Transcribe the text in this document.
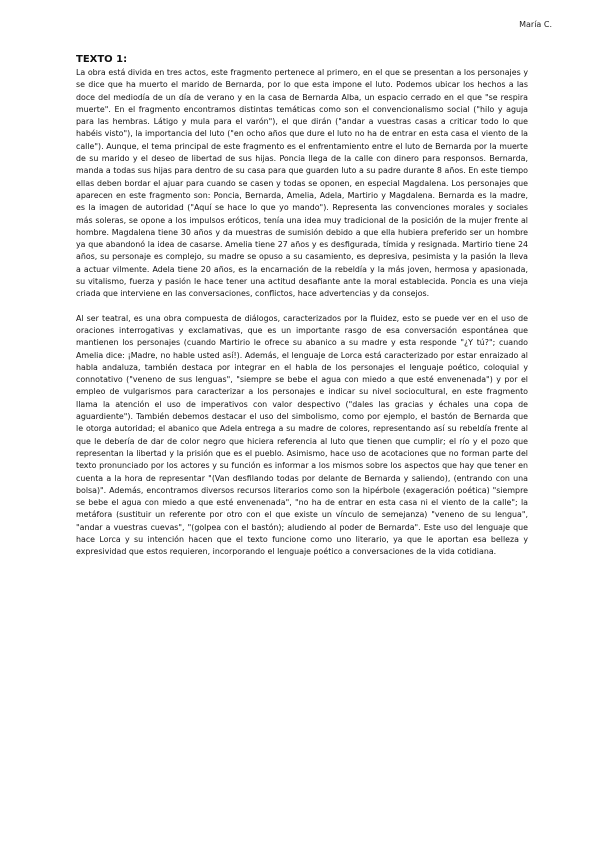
María C.
TEXTO 1:

La obra está divida en tres actos, este fragmento pertenece al primero, en el que se presentan a los personajes y se dice que ha muerto el marido de Bernarda, por lo que esta impone el luto. Podemos ubicar los hechos a las doce del mediodía de un día de verano y en la casa de Bernarda Alba, un espacio cerrado en el que "se respira muerte". En el fragmento encontramos distintas temáticas como son el convencionalismo social ("hilo y aguja para las hembras. Látigo y mula para el varón"), el que dirán ("andar a vuestras casas a criticar todo lo que habéis visto"), la importancia del luto ("en ocho años que dure el luto no ha de entrar en esta casa el viento de la calle"). Aunque, el tema principal de este fragmento es el enfrentamiento entre el luto de Bernarda por la muerte de su marido y el deseo de libertad de sus hijas. Poncia llega de la calle con dinero para responsos. Bernarda, manda a todas sus hijas para dentro de su casa para que guarden luto a su padre durante 8 años. En este tiempo ellas deben bordar el ajuar para cuando se casen y todas se oponen, en especial Magdalena. Los personajes que aparecen en este fragmento son: Poncia, Bernarda, Amelia, Adela, Martirio y Magdalena. Bernarda es la madre, es la imagen de autoridad ("Aquí se hace lo que yo mando"). Representa las convenciones morales y sociales más soleras, se opone a los impulsos eróticos, tenía una idea muy tradicional de la posición de la mujer frente al hombre. Magdalena tiene 30 años y da muestras de sumisión debido a que ella hubiera preferido ser un hombre ya que abandonó la idea de casarse. Amelia tiene 27 años y es desfigurada, tímida y resignada. Martirio tiene 24 años, su personaje es complejo, su madre se opuso a su casamiento, es depresiva, pesimista y la pasión la lleva a actuar vilmente. Adela tiene 20 años, es la encarnación de la rebeldía y la más joven, hermosa y apasionada, su vitalismo, fuerza y pasión le hace tener una actitud desafiante ante la moral establecida. Poncia es una vieja criada que interviene en las conversaciones, conflictos, hace advertencias y da consejos.

Al ser teatral, es una obra compuesta de diálogos, caracterizados por la fluidez, esto se puede ver en el uso de oraciones interrogativas y exclamativas, que es un importante rasgo de esa conversación espontánea que mantienen los personajes (cuando Martirio le ofrece su abanico a su madre y esta responde "¿Y tú?"; cuando Amelia dice: ¡Madre, no hable usted así!). Además, el lenguaje de Lorca está caracterizado por estar enraizado al habla andaluza, también destaca por integrar en el habla de los personajes el lenguaje poético, coloquial y connotativo ("veneno de sus lenguas", "siempre se bebe el agua con miedo a que esté envenenada") y por el empleo de vulgarismos para caracterizar a los personajes e indicar su nivel sociocultural, en este fragmento llama la atención el uso de imperativos con valor despectivo ("dales las gracias y échales una copa de aguardiente"). También debemos destacar el uso del simbolismo, como por ejemplo, el bastón de Bernarda que le otorga autoridad; el abanico que Adela entrega a su madre de colores, representando así su rebeldía frente al que le debería de dar de color negro que hiciera referencia al luto que tienen que cumplir; el río y el pozo que representan la libertad y la prisión que es el pueblo. Asimismo, hace uso de acotaciones que no forman parte del texto pronunciado por los actores y su función es informar a los mismos sobre los aspectos que hay que tener en cuenta a la hora de representar "(Van desfilando todas por delante de Bernarda y saliendo), (entrando con una bolsa)". Además, encontramos diversos recursos literarios como son la hipérbole (exageración poética) "siempre se bebe el agua con miedo a que esté envenenada", "no ha de entrar en esta casa ni el viento de la calle"; la metáfora (sustituir un referente por otro con el que existe un vínculo de semejanza) "veneno de su lengua", "andar a vuestras cuevas", "(golpea con el bastón); aludiendo al poder de Bernarda". Este uso del lenguaje que hace Lorca y su intención hacen que el texto funcione como uno literario, ya que le aportan esa belleza y expresividad que estos requieren, incorporando el lenguaje poético a conversaciones de la vida cotidiana.
